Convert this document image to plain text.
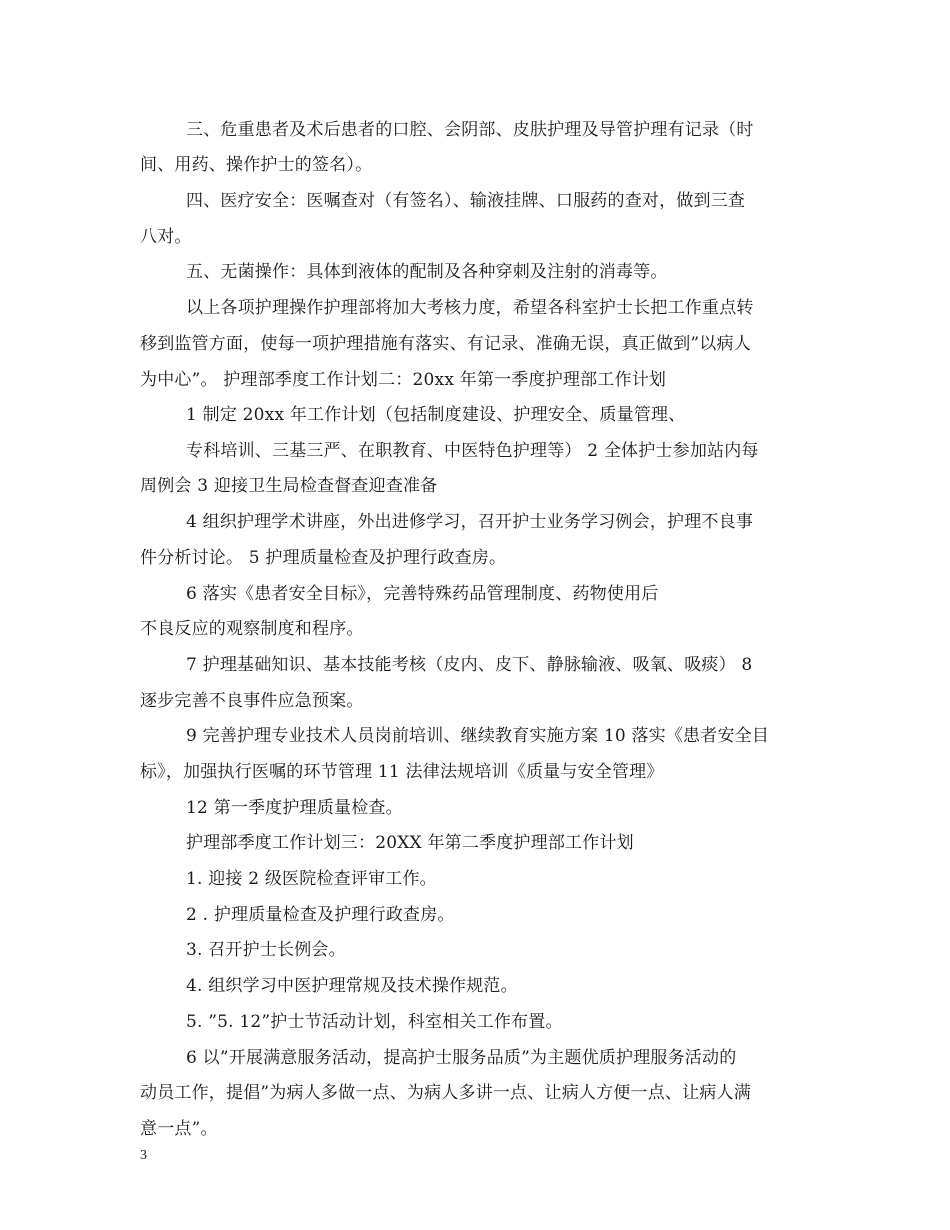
三、危重患者及术后患者的口腔、会阴部、皮肤护理及导管护理有记录（时
间、用药、操作护士的签名）。
四、医疗安全：医嘱查对（有签名）、输液挂牌、口服药的查对，做到三查
八对。
五、无菌操作：具体到液体的配制及各种穿刺及注射的消毒等。
以上各项护理操作护理部将加大考核力度，希望各科室护士长把工作重点转
移到监管方面，使每一项护理措施有落实、有记录、准确无误，真正做到”以病人
为中心”。 护理部季度工作计划二：20xx 年第一季度护理部工作计划
1 制定 20xx 年工作计划（包括制度建设、护理安全、质量管理、
专科培训、三基三严、在职教育、中医特色护理等） 2 全体护士参加站内每
周例会 3 迎接卫生局检查督查迎查准备
4 组织护理学术讲座，外出进修学习，召开护士业务学习例会，护理不良事
件分析讨论。 5 护理质量检查及护理行政查房。
6 落实《患者安全目标》，完善特殊药品管理制度、药物使用后
不良反应的观察制度和程序。
7 护理基础知识、基本技能考核（皮内、皮下、静脉输液、吸氧、吸痰） 8
逐步完善不良事件应急预案。
9 完善护理专业技术人员岗前培训、继续教育实施方案 10 落实《患者安全目
标》，加强执行医嘱的环节管理 11 法律法规培训《质量与安全管理》
12 第一季度护理质量检查。
护理部季度工作计划三：20XX 年第二季度护理部工作计划
1. 迎接 2 级医院检查评审工作。
2 . 护理质量检查及护理行政查房。
3. 召开护士长例会。
4. 组织学习中医护理常规及技术操作规范。
5. ”5. 12”护士节活动计划，科室相关工作布置。
6 以”开展满意服务活动，提高护士服务品质”为主题优质护理服务活动的
动员工作，提倡”为病人多做一点、为病人多讲一点、让病人方便一点、让病人满
意一点”。
3
